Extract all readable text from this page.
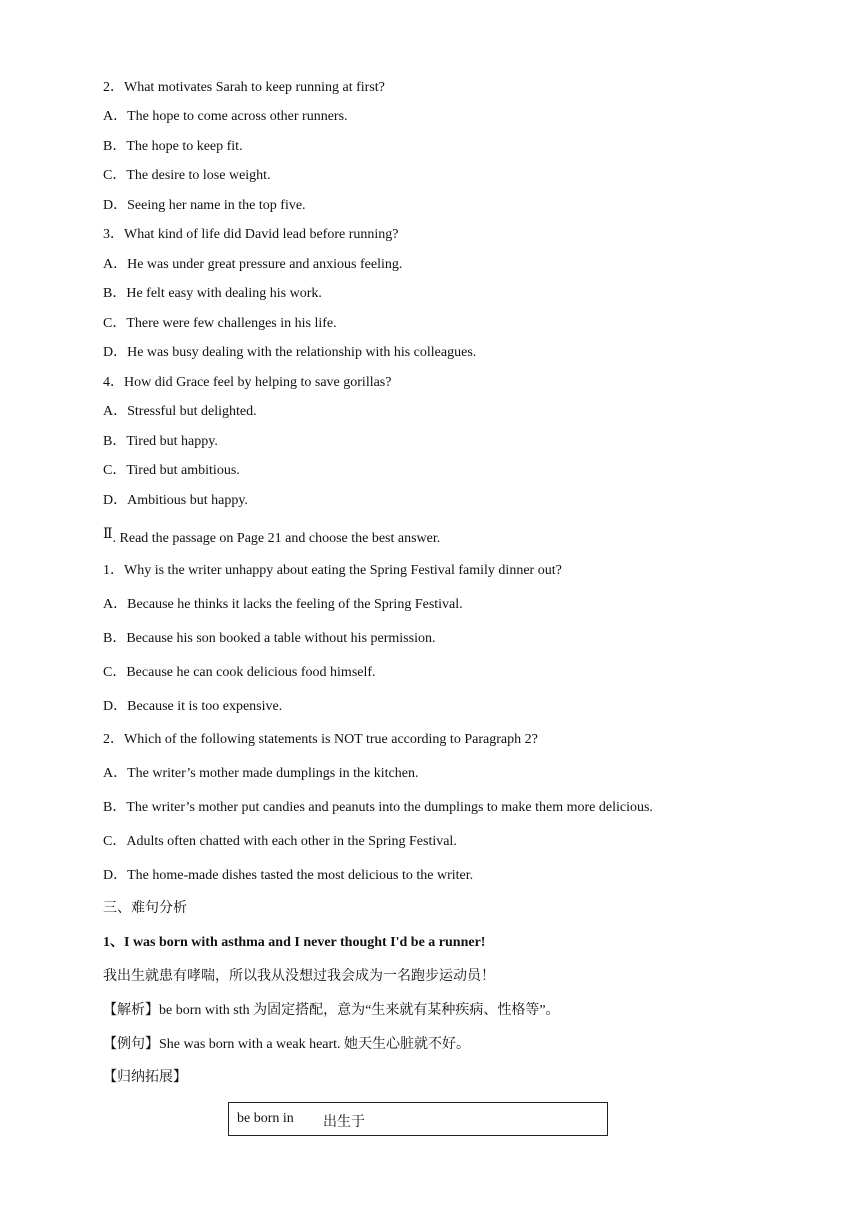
2．What motivates Sarah to keep running at first?
A．The hope to come across other runners.
B．The hope to keep fit.
C．The desire to lose weight.
D．Seeing her name in the top five.
3．What kind of life did David lead before running?
A．He was under great pressure and anxious feeling.
B．He felt easy with dealing his work.
C．There were few challenges in his life.
D．He was busy dealing with the relationship with his colleagues.
4．How did Grace feel by helping to save gorillas?
A．Stressful but delighted.
B．Tired but happy.
C．Tired but ambitious.
D．Ambitious but happy.
Ⅱ. Read the passage on Page 21 and choose the best answer.
1．Why is the writer unhappy about eating the Spring Festival family dinner out?
A．Because he thinks it lacks the feeling of the Spring Festival.
B．Because his son booked a table without his permission.
C．Because he can cook delicious food himself.
D．Because it is too expensive.
2．Which of the following statements is NOT true according to Paragraph 2?
A．The writer’s mother made dumplings in the kitchen.
B．The writer’s mother put candies and peanuts into the dumplings to make them more delicious.
C．Adults often chatted with each other in the Spring Festival.
D．The home-made dishes tasted the most delicious to the writer.
三、难句分析
1、I was born with asthma and I never thought I'd be a runner!
我出生就患有哮喘，所以我从没想过我会成为一名跑步运动员！
【解析】be born with sth 为固定搭配，意为“生来就有某种疾病、性格等”。
【例句】She was born with a weak heart. 她天生心脏就不好。
【归纳拓展】
be born in 出生于
